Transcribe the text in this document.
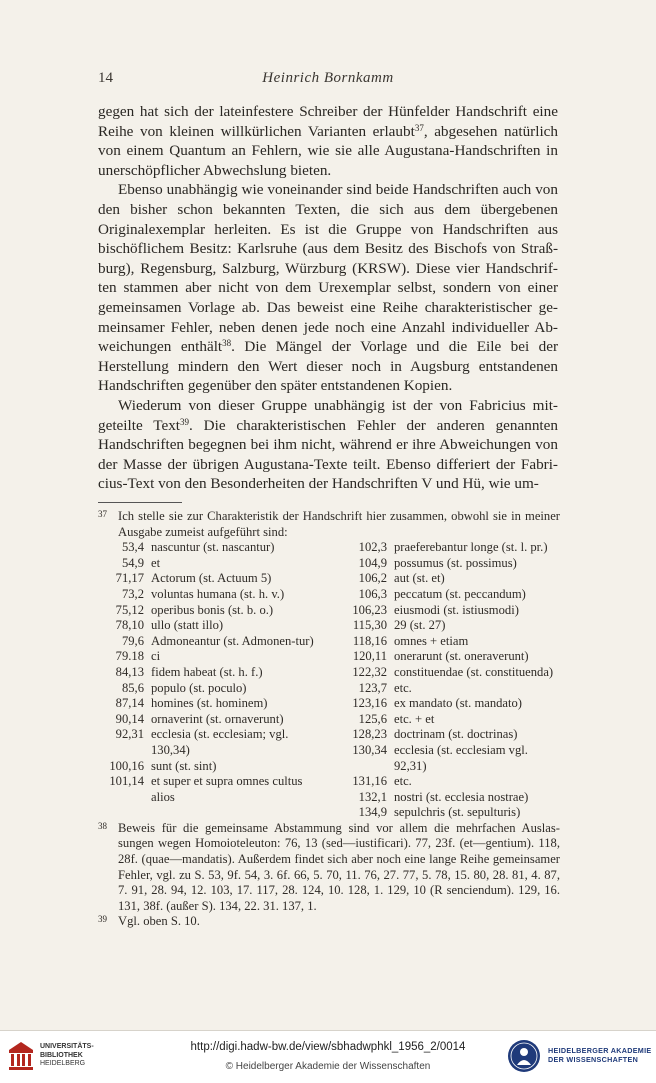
14	Heinrich Bornkamm

gegen hat sich der lateinfestere Schreiber der Hünfelder Handschrift eine Reihe von kleinen willkürlichen Varianten erlaubt$^{37}$, abgesehen natürlich von einem Quantum an Fehlern, wie sie alle Augustana-Handschriften in unerschöpflicher Abwechslung bieten.

Ebenso unabhängig wie voneinander sind beide Handschriften auch von den bisher schon bekannten Texten, die sich aus dem übergebenen Originalexemplar herleiten. Es ist die Gruppe von Handschriften aus bischöflichem Besitz: Karlsruhe (aus dem Besitz des Bischofs von Straß-burg), Regensburg, Salzburg, Würzburg (KRSW). Diese vier Handschrif-ten stammen aber nicht von dem Urexemplar selbst, sondern von einer gemeinsamen Vorlage ab. Das beweist eine Reihe charakteristischer ge-meinsamer Fehler, neben denen jede noch eine Anzahl individueller Ab-weichungen enthält$^{38}$. Die Mängel der Vorlage und die Eile bei der Herstellung mindern den Wert dieser noch in Augsburg entstandenen Handschriften gegenüber den später entstandenen Kopien.

Wiederum von dieser Gruppe unabhängig ist der von Fabricius mit-geteilte Text$^{39}$. Die charakteristischen Fehler der anderen genannten Handschriften begegnen bei ihm nicht, während er ihre Abweichungen von der Masse der übrigen Augustana-Texte teilt. Ebenso differiert der Fabri-cius-Text von den Besonderheiten der Handschriften V und Hü, wie um-

37 Ich stelle sie zur Charakteristik der Handschrift hier zusammen, obwohl sie in meiner Ausgabe zumeist aufgeführt sind:

53,4 nascuntur (st. nascantur)
54,9 et
71,17 Actorum (st. Actuum 5)
73,2 voluntas humana (st. h. v.)
75,12 operibus bonis (st. b. o.)
78,10 ullo (statt illo)
79,6 Admoneantur (st. Admonen-tur)
79.18 ci
84,13 fidem habeat (st. h. f.)
85,6 populo (st. poculo)
87,14 homines (st. hominem)
90,14 ornaverint (st. ornaverunt)
92,31 ecclesia (st. ecclesiam; vgl. 130,34)
100,16 sunt (st. sint)
101,14 et super et supra omnes cultus alios
102,3 praeferebantur longe (st. l. pr.)
104,9 possumus (st. possimus)
106,2 aut (st. et)
106,3 peccatum (st. peccandum)
106,23 eiusmodi (st. istiusmodi)
115,30 29 (st. 27)
118,16 omnes + etiam
120,11 onerarunt (st. oneraverunt)
122,32 constituendae (st. constituenda)
123,7 etc.
123,16 ex mandato (st. mandato)
125,6 etc. + et
128,23 doctrinam (st. doctrinas)
130,34 ecclesia (st. ecclesiam vgl. 92,31)
131,16 etc.
132,1 nostri (st. ecclesia nostrae)
134,9 sepulchris (st. sepulturis)
38 Beweis für die gemeinsame Abstammung sind vor allem die mehrfachen Auslas-sungen wegen Homoioteleuton: 76, 13 (sed—iustificari). 77, 23f. (et—gentium). 118, 28f. (quae—mandatis). Außerdem findet sich aber noch eine lange Reihe gemeinsamer Fehler, vgl. zu S. 53, 9f. 54, 3. 6f. 66, 5. 70, 11. 76, 27. 77, 5. 78, 15. 80, 28. 81, 4. 87, 7. 91, 28. 94, 12. 103, 17. 117, 28. 124, 10. 128, 1. 129, 10 (R senciendum). 129, 16. 131, 38f. (außer S). 134, 22. 31. 137, 1.

39 Vgl. oben S. 10.

UNIVERSITÄTS-
BIBLIOTHEK
HEIDELBERG
http://digi.hadw-bw.de/view/sbhadwphkl_1956_2/0014
© Heidelberger Akademie der Wissenschaften
HEIDELBERGER AKADEMIE
DER WISSENSCHAFTEN
